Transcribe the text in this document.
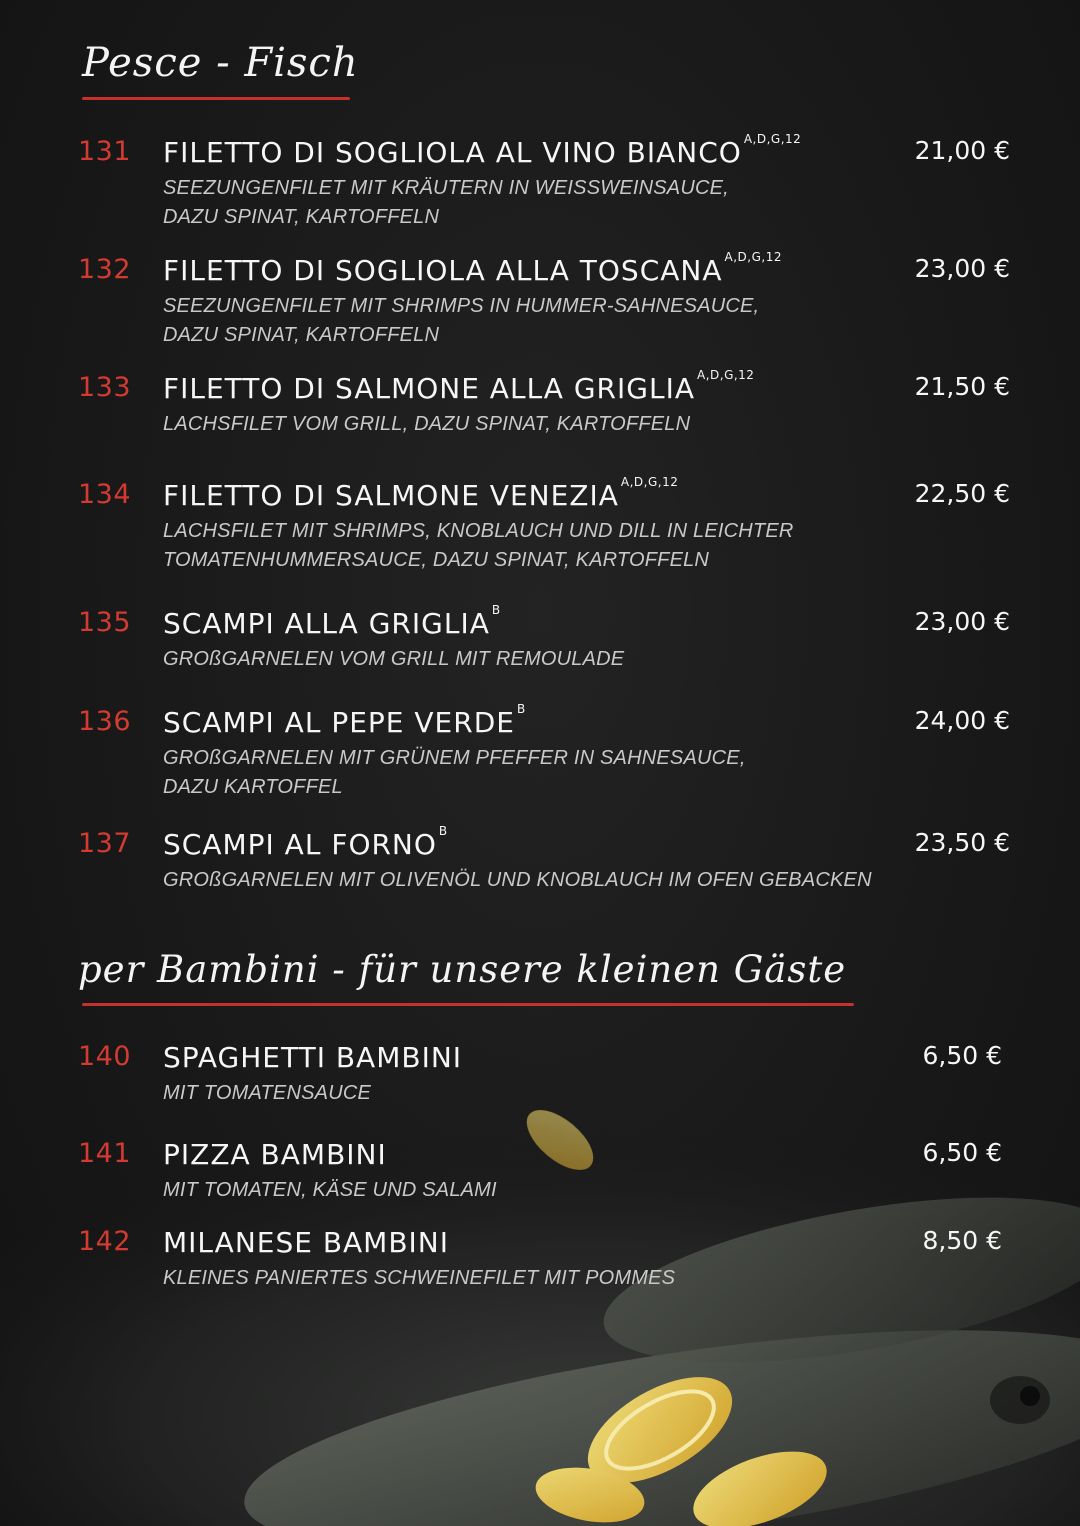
Pesce - Fisch
131 FILETTO DI SOGLIOLA AL VINO BIANCO $^{A,D,G,12}$	21,00 €
SEEZUNGENFILET MIT KRÄUTERN IN WEISSWEINSAUCE,
DAZU SPINAT, KARTOFFELN
132 FILETTO DI SOGLIOLA ALLA TOSCANA $^{A,D,G,12}$	23,00 €
SEEZUNGENFILET MIT SHRIMPS IN HUMMER-SAHNESAUCE,
DAZU SPINAT, KARTOFFELN
133 FILETTO DI SALMONE ALLA GRIGLIA $^{A,D,G,12}$	21,50 €
LACHSFILET VOM GRILL, DAZU SPINAT, KARTOFFELN
134 FILETTO DI SALMONE VENEZIA $^{A,D,G,12}$	22,50 €
LACHSFILET MIT SHRIMPS, KNOBLAUCH UND DILL IN LEICHTER
TOMATENHUMMERSAUCE, DAZU SPINAT, KARTOFFELN
135 SCAMPI ALLA GRIGLIA $^B$	23,00 €
GROßGARNELEN VOM GRILL MIT REMOULADE
136 SCAMPI AL PEPE VERDE $^B$	24,00 €
GROßGARNELEN MIT GRÜNEM PFEFFER IN SAHNESAUCE,
DAZU KARTOFFEL
137 SCAMPI AL FORNO $^B$	23,50 €
GROßGARNELEN MIT OLIVENÖL UND KNOBLAUCH IM OFEN GEBACKEN
per Bambini - für unsere kleinen Gäste
140 SPAGHETTI BAMBINI	6,50 €
MIT TOMATENSAUCE
141 PIZZA BAMBINI	6,50 €
MIT TOMATEN, KÄSE UND SALAMI
142 MILANESE BAMBINI	8,50 €
KLEINES PANIERTES SCHWEINEFILET MIT POMMES
